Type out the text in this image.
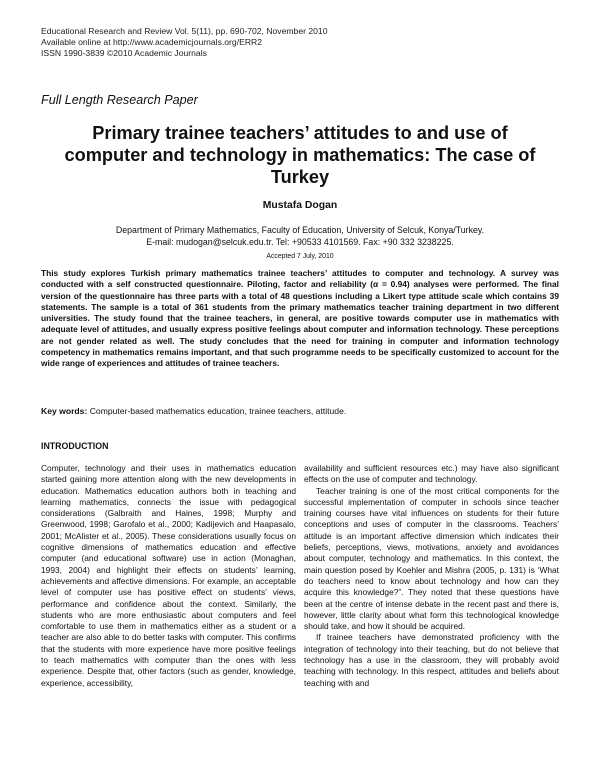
Educational Research and Review Vol. 5(11), pp. 690-702, November 2010
Available online at http://www.academicjournals.org/ERR2
ISSN 1990-3839 ©2010 Academic Journals
Full Length Research Paper
Primary trainee teachers’ attitudes to and use of
computer and technology in mathematics: The case of
Turkey
Mustafa Dogan
Department of Primary Mathematics, Faculty of Education, University of Selcuk, Konya/Turkey.
E-mail: mudogan@selcuk.edu.tr. Tel: +90533 4101569. Fax: +90 332 3238225.
Accepted 7 July, 2010
This study explores Turkish primary mathematics trainee teachers’ attitudes to computer and technology. A survey was conducted with a self constructed questionnaire. Piloting, factor and reliability (α = 0.94) analyses were performed. The final version of the questionnaire has three parts with a total of 48 questions including a Likert type attitude scale which contains 39 statements. The sample is a total of 361 students from the primary mathematics teacher training department in two different universities. The study found that the trainee teachers, in general, are positive towards computer use in mathematics with adequate level of attitudes, and usually express positive feelings about computer and information technology. These perceptions are not gender related as well. The study concludes that the need for training in computer and information technology competency in mathematics remains important, and that such programme needs to be specifically customized to account for the wide range of experiences and attitudes of trainee teachers.
Key words: Computer-based mathematics education, trainee teachers, attitude.
INTRODUCTION

Computer, technology and their uses in mathematics education started gaining more attention along with the new developments in education. Mathematics education authors both in teaching and learning mathematics, connects the issue with pedagogical considerations (Galbraith and Haines, 1998; Murphy and Greenwood, 1998; Garofalo et al., 2000; Kadijevich and Haapasalo, 2001; McAlister et al., 2005). These considerations usually focus on cognitive dimensions of mathematics education and effective computer (and educational software) use in action (Monaghan, 1993, 2004) and highlight their effects on students’ learning, achievements and affective dimensions. For example, an acceptable level of computer use has positive effect on students’ views, performance and confidence about the context. Similarly, the students who are more enthusiastic about computers and feel comfortable to use them in mathematics either as a student or a teacher are also able to do better tasks with computer. This confirms that the students with more experience have more positive feelings to teach mathematics with computer than the ones with less experience. Despite that, other factors (such as gender, knowledge, experience, accessibility,

availability and sufficient resources etc.) may have also significant effects on the use of computer and technology.

Teacher training is one of the most critical components for the successful implementation of computer in schools since teacher training courses have vital influences on students for their future conceptions and uses of computer in the classrooms. Teachers’ attitude is an important affective dimension which indicates their beliefs, perceptions, views, motivations, anxiety and avoidances about computer, technology and mathematics. In this context, the main question posed by Koehler and Mishra (2005, p. 131) is ‘What do teachers need to know about technology and how can they acquire this knowledge?”. They noted that these questions have been at the centre of intense debate in the recent past and there is, however, little clarity about what form this technological knowledge should take, and how it should be acquired.

If trainee teachers have demonstrated proficiency with the integration of technology into their teaching, but do not believe that technology has a use in the classroom, they will probably avoid teaching with technology. In this respect, attitudes and beliefs about teaching with and
